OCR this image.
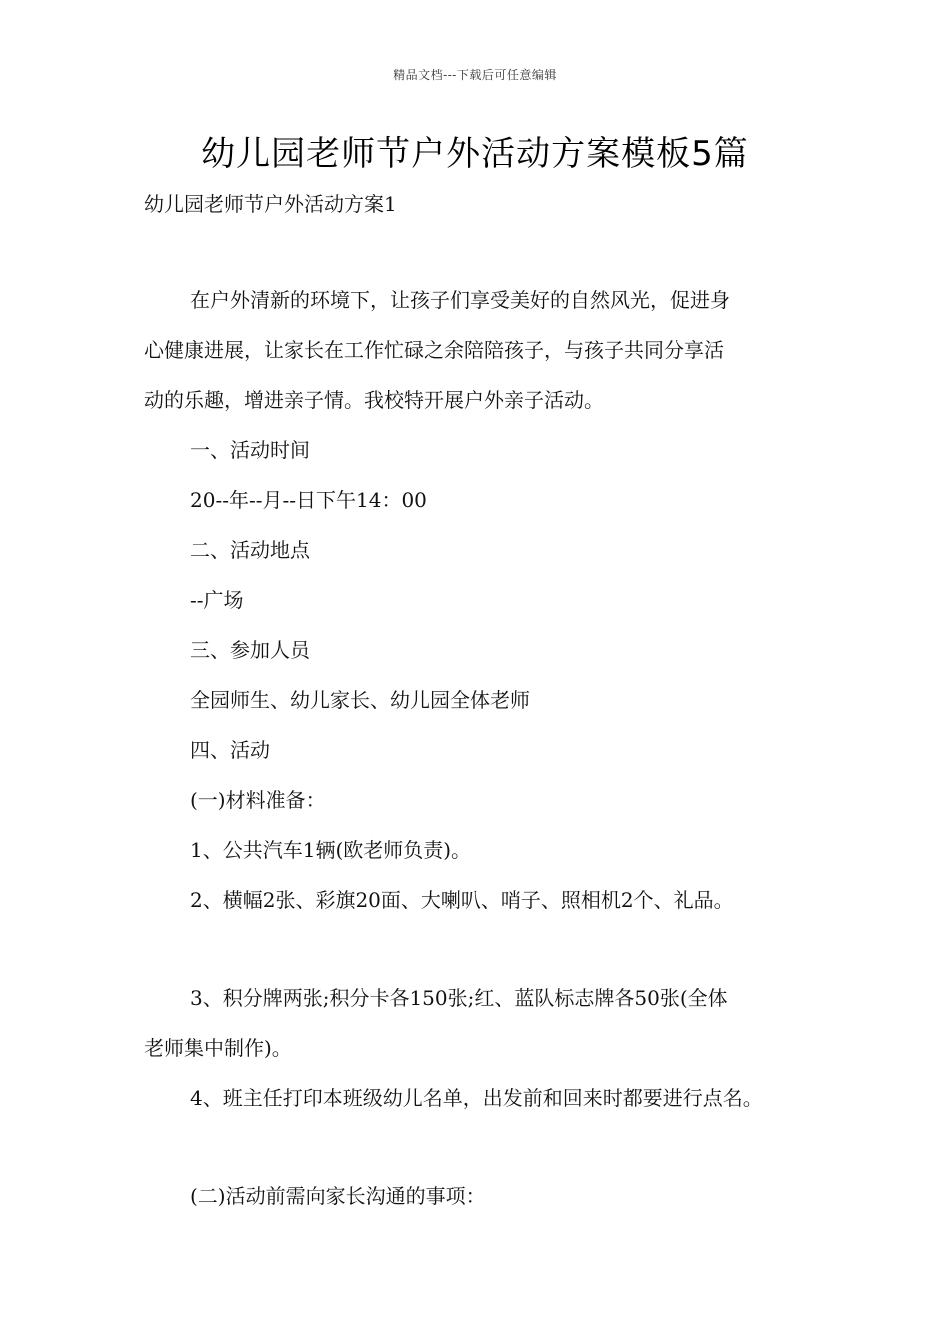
精品文档---下载后可任意编辑
幼儿园老师节户外活动方案模板5篇
幼儿园老师节户外活动方案1
在户外清新的环境下，让孩子们享受美好的自然风光，促进身
心健康进展，让家长在工作忙碌之余陪陪孩子，与孩子共同分享活
动的乐趣，增进亲子情。我校特开展户外亲子活动。
一、活动时间
20--年--月--日下午14：00
二、活动地点
--广场
三、参加人员
全园师生、幼儿家长、幼儿园全体老师
四、活动
(一)材料准备：
1、公共汽车1辆(欧老师负责)。
2、横幅2张、彩旗20面、大喇叭、哨子、照相机2个、礼品。
3、积分牌两张;积分卡各150张;红、蓝队标志牌各50张(全体
老师集中制作)。
4、班主任打印本班级幼儿名单，出发前和回来时都要进行点名。
(二)活动前需向家长沟通的事项：
